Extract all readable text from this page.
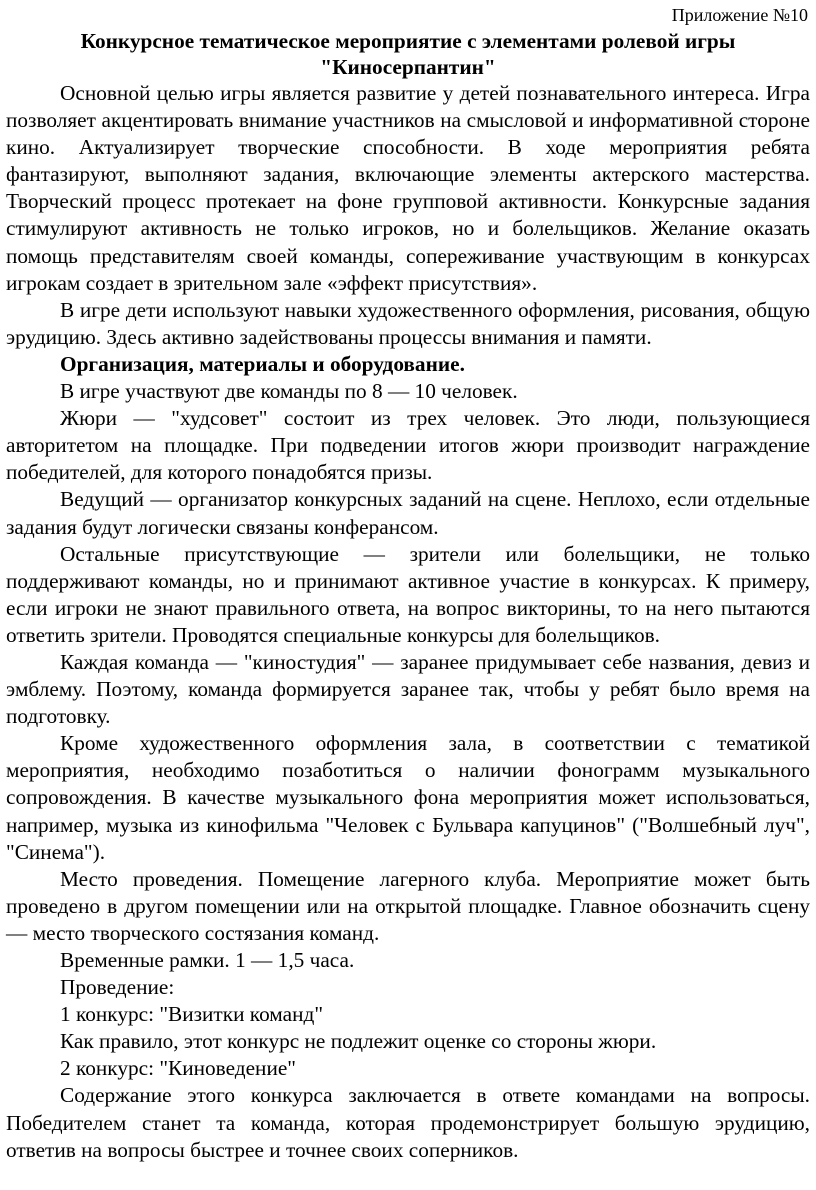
Приложение №10
Конкурсное тематическое мероприятие с элементами ролевой игры
"Киносерпантин"

Основной целью игры является развитие у детей познавательного интереса. Игра позволяет акцентировать внимание участников на смысловой и информативной стороне кино. Актуализирует творческие способности. В ходе мероприятия ребята фантазируют, выполняют задания, включающие элементы актерского мастерства. Творческий процесс протекает на фоне групповой активности. Конкурсные задания стимулируют активность не только игроков, но и болельщиков. Желание оказать помощь представителям своей команды, сопереживание участвующим в конкурсах игрокам создает в зрительном зале «эффект присутствия».

В игре дети используют навыки художественного оформления, рисования, общую эрудицию. Здесь активно задействованы процессы внимания и памяти.

Организация, материалы и оборудование.

В игре участвуют две команды по 8 — 10 человек.

Жюри — "худсовет" состоит из трех человек. Это люди, пользующиеся авторитетом на площадке. При подведении итогов жюри производит награждение победителей, для которого понадобятся призы.

Ведущий — организатор конкурсных заданий на сцене. Неплохо, если отдельные задания будут логически связаны конферансом.

Остальные присутствующие — зрители или болельщики, не только поддерживают команды, но и принимают активное участие в конкурсах. К примеру, если игроки не знают правильного ответа, на вопрос викторины, то на него пытаются ответить зрители. Проводятся специальные конкурсы для болельщиков.

Каждая команда — "киностудия" — заранее придумывает себе названия, девиз и эмблему. Поэтому, команда формируется заранее так, чтобы у ребят было время на подготовку.

Кроме художественного оформления зала, в соответствии с тематикой мероприятия, необходимо позаботиться о наличии фонограмм музыкального сопровождения. В качестве музыкального фона мероприятия может использоваться, например, музыка из кинофильма "Человек с Бульвара капуцинов" ("Волшебный луч", "Синема").

Место проведения. Помещение лагерного клуба. Мероприятие может быть проведено в другом помещении или на открытой площадке. Главное обозначить сцену — место творческого состязания команд.

Временные рамки. 1 — 1,5 часа.

Проведение:

1 конкурс: "Визитки команд"

Как правило, этот конкурс не подлежит оценке со стороны жюри.

2 конкурс: "Киноведение"

Содержание этого конкурса заключается в ответе командами на вопросы. Победителем станет та команда, которая продемонстрирует большую эрудицию, ответив на вопросы быстрее и точнее своих соперников.
